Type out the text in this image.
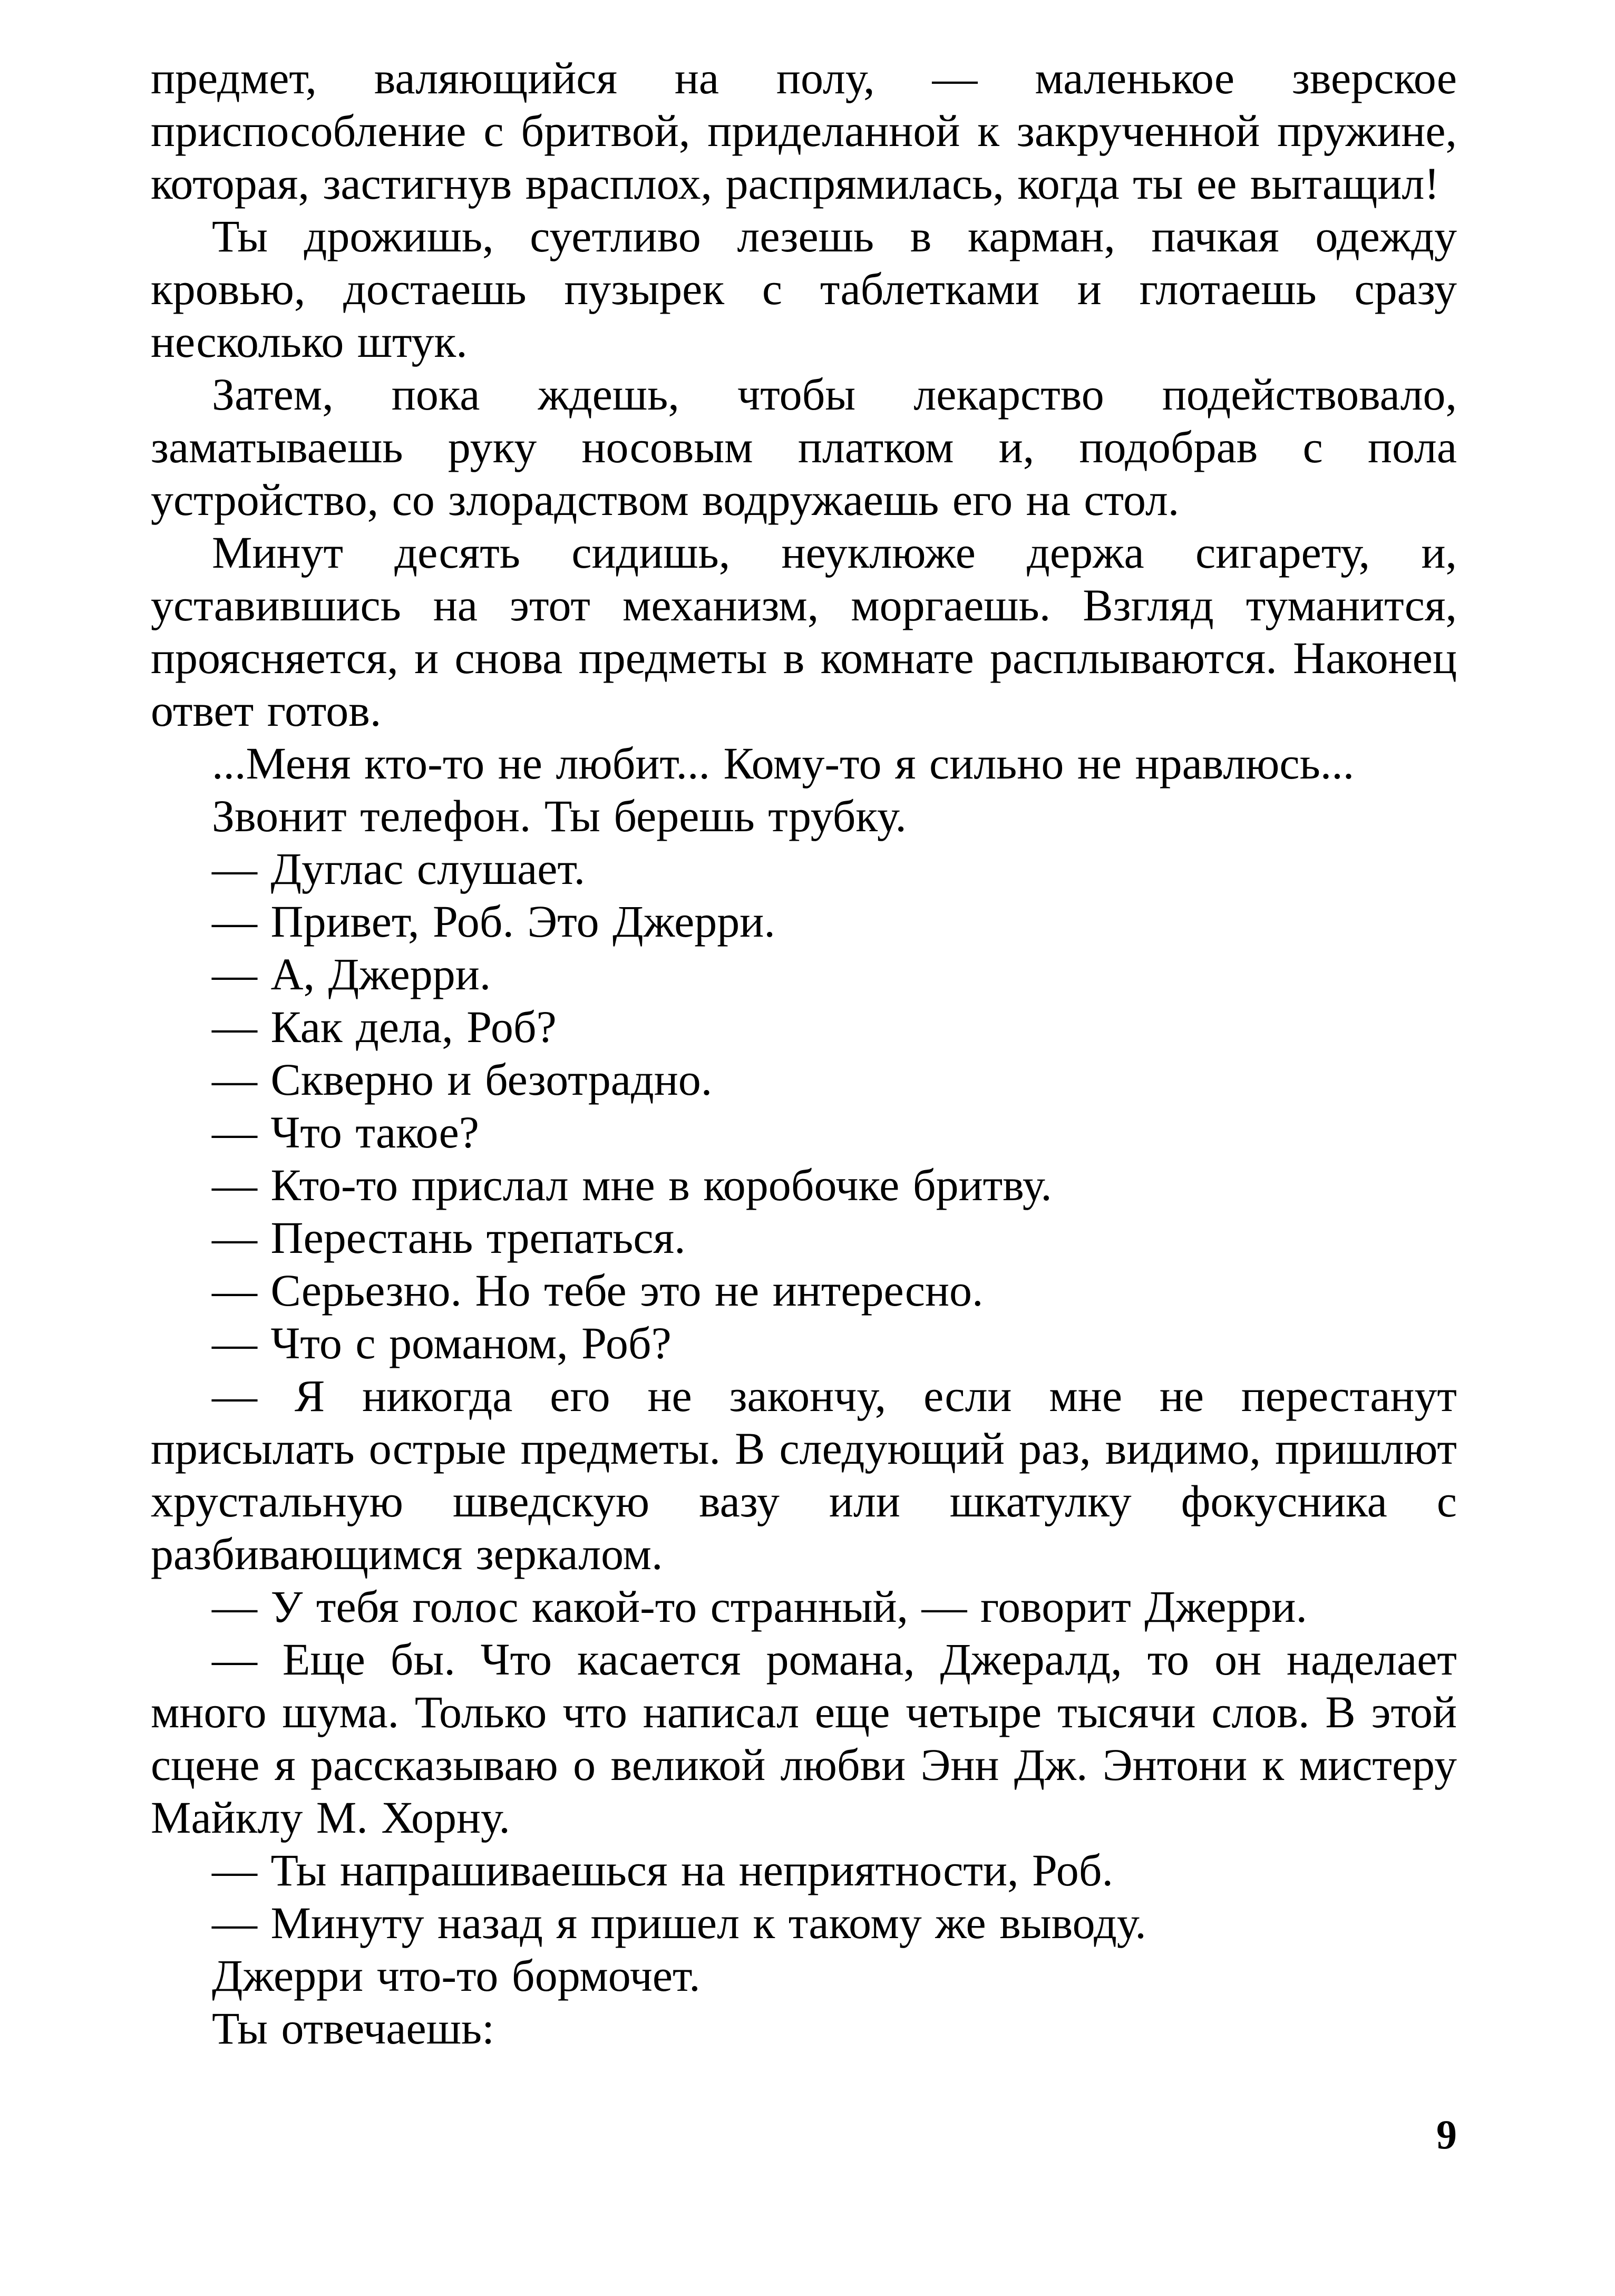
предмет, валяющийся на полу, — маленькое зверское приспособление с бритвой, приделанной к закрученной пружине, которая, застигнув врасплох, распрямилась, когда ты ее вытащил!

Ты дрожишь, суетливо лезешь в карман, пачкая одежду кровью, достаешь пузырек с таблетками и глотаешь сразу несколько штук.

Затем, пока ждешь, чтобы лекарство подействовало, заматываешь руку носовым платком и, подобрав с пола устройство, со злорадством водружаешь его на стол.

Минут десять сидишь, неуклюже держа сигарету, и, уставившись на этот механизм, моргаешь. Взгляд туманится, проясняется, и снова предметы в комнате расплываются. Наконец ответ готов.

...Меня кто-то не любит... Кому-то я сильно не нравлюсь...

Звонит телефон. Ты берешь трубку.

— Дуглас слушает.

— Привет, Роб. Это Джерри.

— А, Джерри.

— Как дела, Роб?

— Скверно и безотрадно.

— Что такое?

— Кто-то прислал мне в коробочке бритву.

— Перестань трепаться.

— Серьезно. Но тебе это не интересно.

— Что с романом, Роб?

— Я никогда его не закончу, если мне не перестанут присылать острые предметы. В следующий раз, видимо, пришлют хрустальную шведскую вазу или шкатулку фокусника с разбивающимся зеркалом.

— У тебя голос какой-то странный, — говорит Джерри.

— Еще бы. Что касается романа, Джералд, то он наделает много шума. Только что написал еще четыре тысячи слов. В этой сцене я рассказываю о великой любви Энн Дж. Энтони к мистеру Майклу М. Хорну.

— Ты напрашиваешься на неприятности, Роб.

— Минуту назад я пришел к такому же выводу.

Джерри что-то бормочет.

Ты отвечаешь:

9
